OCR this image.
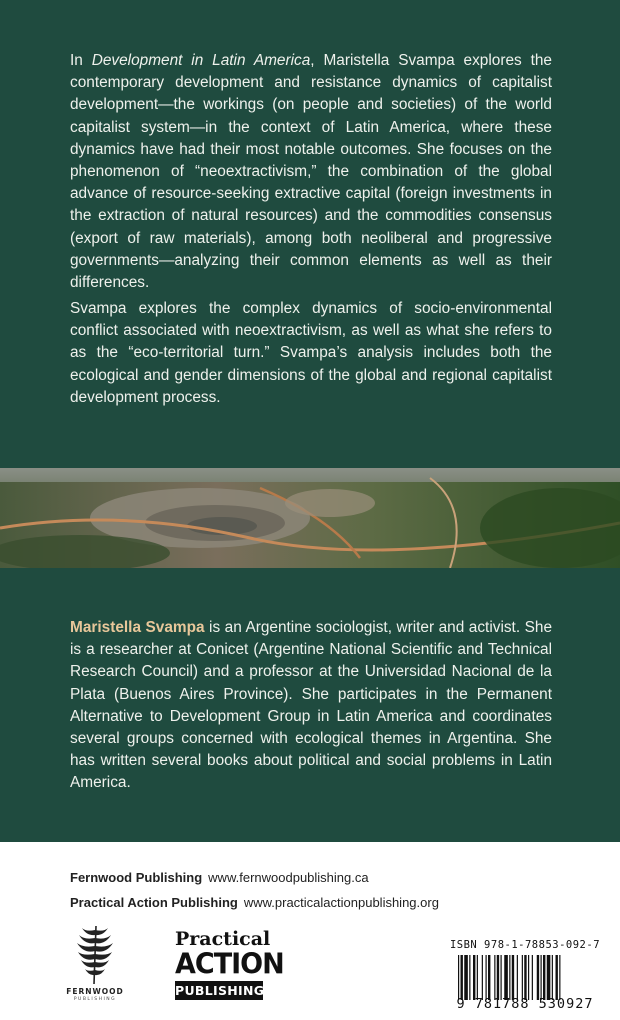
In Development in Latin America, Maristella Svampa explores the contemporary development and resistance dynamics of capitalist development—the workings (on people and societies) of the world capitalist system—in the context of Latin America, where these dynamics have had their most notable outcomes. She focuses on the phenomenon of “neoextractivism,” the combination of the global advance of resource-seeking extractive capital (foreign investments in the extraction of natural resources) and the commodities consensus (export of raw materials), among both neoliberal and progressive governments—analyzing their common elements as well as their differences.

Svampa explores the complex dynamics of socio-environmental conflict associated with neoextractivism, as well as what she refers to as the “eco-territorial turn.” Svampa’s analysis includes both the ecological and gender dimensions of the global and regional capitalist development process.

Maristella Svampa is an Argentine sociologist, writer and activist. She is a researcher at Conicet (Argentine National Scientific and Technical Research Council) and a professor at the Universidad Nacional de la Plata (Buenos Aires Province). She participates in the Permanent Alternative to Development Group in Latin America and coordinates several groups concerned with ecological themes in Argentina. She has written several books about political and social problems in Latin America.

Fernwood Publishing www.fernwoodpublishing.ca
Practical Action Publishing www.practicalactionpublishing.org
FERNWOOD
PUBLISHING
Practical
ACTION
PUBLISHING
ISBN 978-1-78853-092-7
9 781788 530927
